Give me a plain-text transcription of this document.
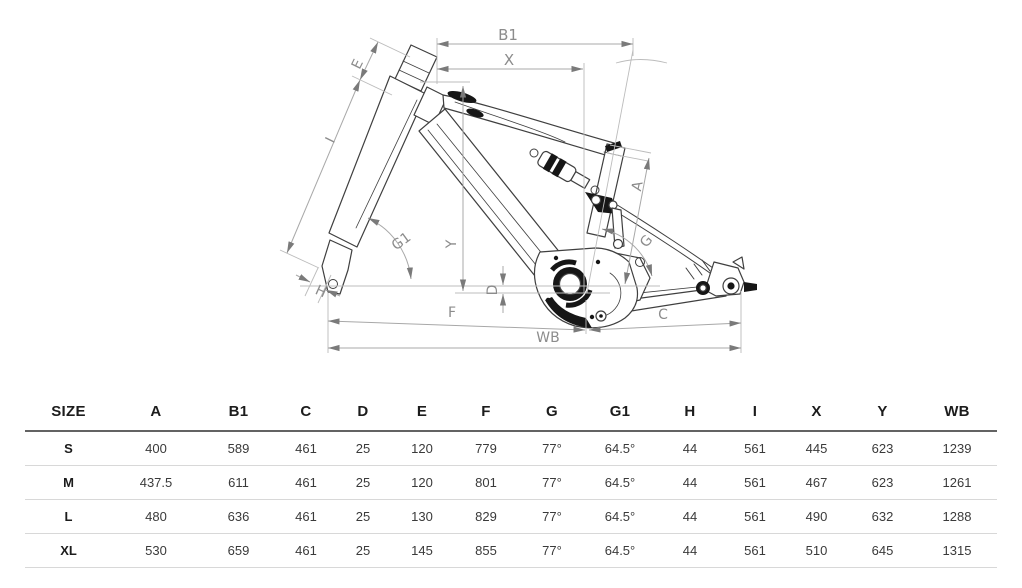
B1
X
E
I
G1 Y
D
H
A
G
F	C
WB
SIZE	A	B1	C	D	E	F	G	G1	H	I	X	Y	WB
S	400	589	461	25	120	779	77°	64.5°	44	561	445	623	1239
M	437.5	611	461	25	120	801	77°	64.5°	44	561	467	623	1261
L	480	636	461	25	130	829	77°	64.5°	44	561	490	632	1288
XL	530	659	461	25	145	855	77°	64.5°	44	561	510	645	1315
